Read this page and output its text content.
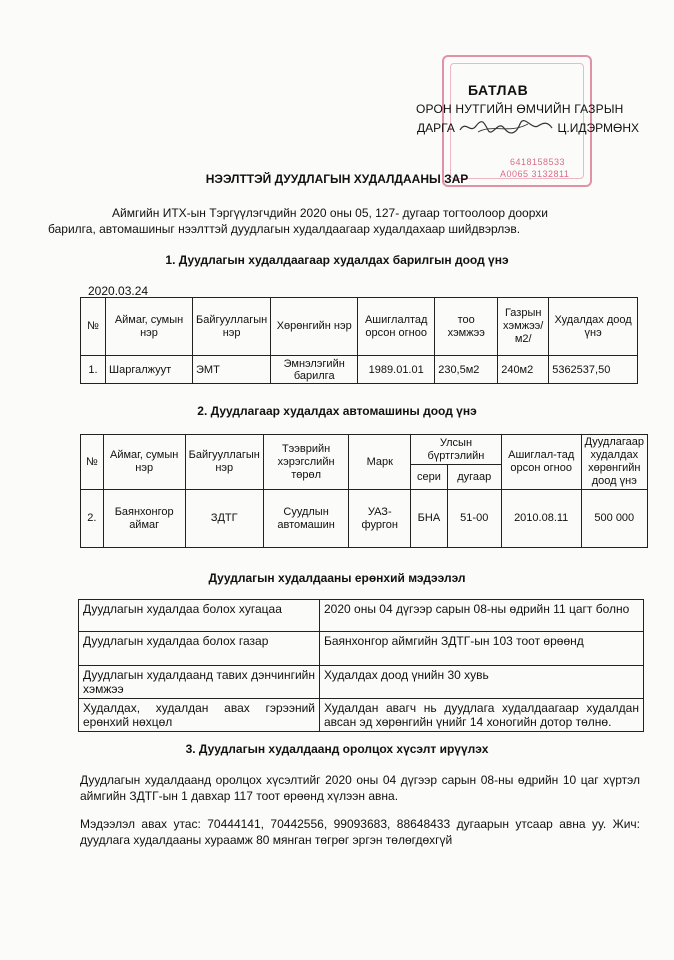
6418158533
А0065 3132811
БАТЛАВ
ОРОН НУТГИЙН ӨМЧИЙН ГАЗРЫН
ДАРГА	Ц.ИДЭРМӨНХ
НЭЭЛТТЭЙ ДУУДЛАГЫН ХУДАЛДААНЫ ЗАР
Аймгийн ИТХ-ын Тэргүүлэгчдийн 2020 оны 05, 127- дугаар тогтоолоор доорхи
барилга, автомашиныг нээлттэй дуудлагын худалдаагаар худалдахаар шийдвэрлэв.
1. Дуудлагын худалдаагаар худалдах барилгын доод үнэ
2020.03.24
№	Аймаг, сумын нэр	Байгууллагын нэр	Хөрөнгийн нэр	Ашиглалтад орсон огноо	тоо хэмжээ	Газрын хэмжээ/м2/	Худалдах доод үнэ
1.	Шаргалжуут	ЭМТ	Эмнэлэгийн барилга	1989.01.01	230,5м2	240м2	5362537,50
2. Дуудлагаар худалдах автомашины доод үнэ
№	Аймаг, сумын нэр	Байгууллагын нэр	Тээврийн хэрэгслийн төрөл	Марк	Улсын бүртгэлийн		Ашиглал-тад орсон огноо	Дуудлагаар худалдах хөрөнгийн доод үнэ
					сери	дугаар		
2.	Баянхонгор аймаг	ЗДТГ	Суудлын автомашин	УАЗ-фургон	БНА	51-00	2010.08.11	500 000
Дуудлагын худалдааны ерөнхий мэдээлэл
Дуудлагын худалдаа болох хугацаа	2020 оны 04 дүгээр сарын 08-ны өдрийн 11 цагт болно
Дуудлагын худалдаа болох газар	Баянхонгор аймгийн ЗДТГ-ын 103 тоот өрөөнд
Дуудлагын худалдаанд тавих дэнчингийн хэмжээ	Худалдах доод үнийн 30 хувь
Худалдах, худалдан авах гэрээний ерөнхий нөхцөл	Худалдан авагч нь дуудлага худалдаагаар худалдан авсан эд хөрөнгийн үнийг 14 хоногийн дотор төлнө.
3. Дуудлагын худалдаанд оролцох хүсэлт ирүүлэх
Дуудлагын худалдаанд оролцох хүсэлтийг 2020 оны 04 дүгээр сарын 08-ны өдрийн 10 цаг хүртэл аймгийн ЗДТГ-ын 1 давхар 117 тоот өрөөнд хүлээн авна.
Мэдээлэл авах утас: 70444141, 70442556, 99093683, 88648433 дугаарын утсаар авна уу. Жич: дуудлага худалдааны хураамж 80 мянган төгрөг эргэн төлөгдөхгүй
